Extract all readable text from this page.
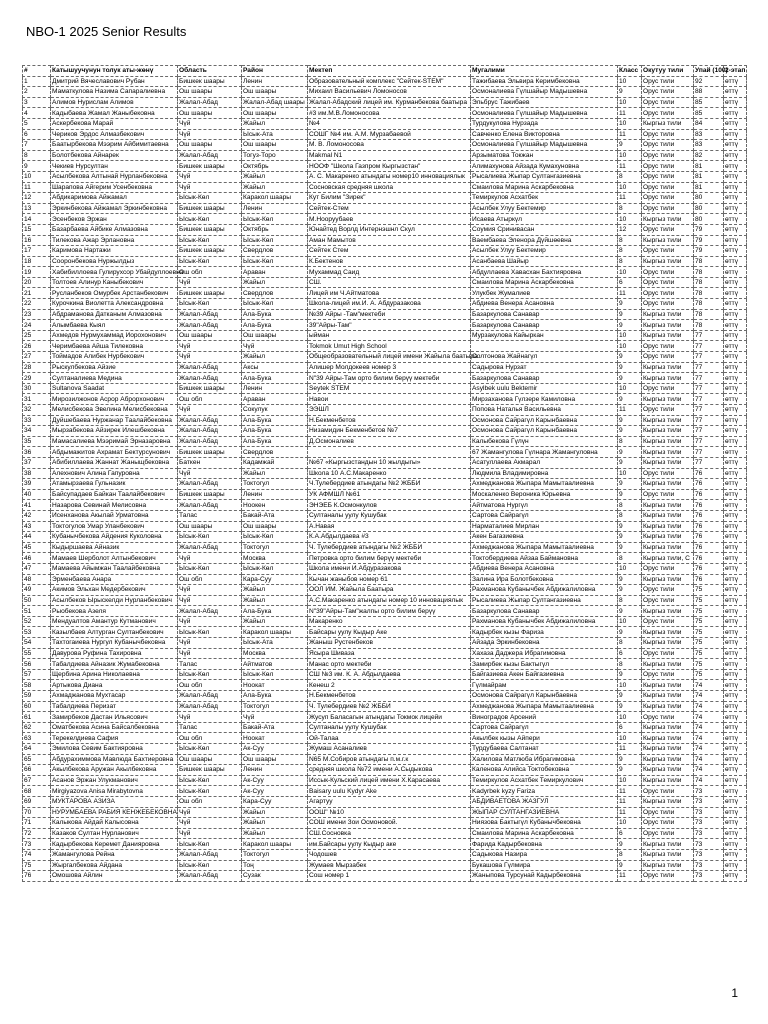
NBO-1 2025 Senior Results
#	Катышуучунун толук аты-жөнү	Область	Район	Мектеп	Мугалими	Класс	Окутуу тили	Упай (100)	2-этап
1	Дмитрий Вячеславович Рубан	Бишкек шаары	Ленин	Образовательный комплекс "Сейтек-STEM"	Тажибаева Эльвира Керимбековна	10	Орус тили	92	өттү
2	Маматкулова Назима Сапаралиевна	Ош шаары	Ош шаары	Михаил Васильевич Ломоносов	Осмоналиева Гүлшайыр Мадышевна	9	Орус тили	88	өттү
3	Алимов Нурислам Алимов	Жалал-Абад	Жалал-Абад шаары	Жалал-Абадский лицей им. Курманбекова баатыра	Эльбрус Тажибаев	10	Орус тили	85	өттү
4	Кадыбаева Жамал Жаныбековна	Ош шаары	Ош шаары	#3 им.М.В.Ломоносова	Осмоналиева Гүлшайыр Мадышевна	11	Орус тили	85	өттү
5	Аскербекова Марай	Чүй	Жайыл	№4	Турдукулова Нурзада	10	Кыргыз тили	84	өттү
6	Чериков Эрдос Алмазбекович	Чүй	Ысык-Ата	СОШГ №4 им. А.М. Мурзабаевой	Савченко Елена Викторовна	11	Орус тили	83	өттү
7	Баатырбекова Мээрим Айбимитаевна	Ош шаары	Ош шаары	М. В. Ломоносова	Осмоналиева Гүлшайыр Мадышевна	9	Орус тили	83	өттү
8	Болотбекова Айнарек	Жалал-Абад	Тогуз-Торо	Makmal N1	Арзыматова Токжан	10	Орус тили	82	өттү
9	Чекиев Нурсултан	Бишкек шаары	Октябрь	НООФ "Школа Газпром Кыргызстан"	Алимахунова Айзада Кумахуновна	11	Орус тили	81	өттү
10	Асылбекова Алтынай Нурланбековна	Чүй	Жайыл	А. С. Макаренко атындагы номер10 инновациялык	Рысалиева Жыпар Султангазиевна	8	Орус тили	81	өттү
11	Шарапова Айгерим Усенбековна	Чүй	Жайыл	Сосновская средняя школа	Смаилова Марина Аскарбековна	10	Орус тили	81	өттү
12	Абдикаримова Айжамал	Ысык-Көл	Каракол шаары	Кут Билим "Зирек"	Темиркулов Асхатбек	11	Орус тили	80	өттү
13	Эркинбекова Айжамал Эркинбековна	Бишкек шаары	Ленин	Сейтек-Стем	Асылбек Улуу Бектемир	8	Орус тили	80	өттү
14	Эсенбеков Эржан	Ысык-Көл	Ысык-Көл	М.Нооруубаев	Исаева Атыркүл	10	Кыргыз тили	80	өттү
15	Базарбаева Айбике Алмазовна	Бишкек шаары	Октябрь	Юнайтед Ворлд Интернэшнл Скул	Соумия Сринивасан	12	Орус тили	79	өттү
16	Тилекова Ажар Эрлановна	Ысык-Көл	Ысык-Көл	Аман Мамытов	Ваембаева Эленора Дүйшөевна	8	Кыргыз тили	79	өттү
17	Каримова Нартажи	Бишкек шаары	Свердлов	Сейтек Стем	Асылбек Улуу Бектемир	8	Орус тили	79	өттү
18	Сооронбекова Нуржылдыз	Ысык-Көл	Ысык-Көл	К.Бектенов	Асанбаева Шайыр	8	Кыргыз тили	78	өттү
19	Хабибиллоева Гулирухсор Убайдуллоевна	Ош обл	Араван	Мухаммад Саид	Абдуллаева Хавасхан Бахтияровна	10	Орус тили	78	өттү
20	Толтоев Алинур Каныбекович	Чүй	Жайыл	СШ.	Смаилова Марина Аскарбековна	6	Орус тили	78	өттү
21	Русланбеков Омурбек Арстанбекович	Бишкек шаары	Свердлов	Лицей им Ч.Айтматова	Улукбек Жумалиев	11	Орус тили	78	өттү
22	Курочкина Виолетта Александровна	Ысык-Көл	Ысык-Көл	Школа-лицей им.И. А. Абдуразакова	Абдиева Венера Асановна	9	Орус тили	78	өттү
23	Абдраманова Датканым Алмазовна	Жалал-Абад	Ала-Бука	№39 Айры -Там"мектеби	Базаркулова Санавар	9	Кыргыз тили	78	өттү
24	Алымбаева Кыял	Жалал-Абад	Ала-Бука	39"Айры-Там"	Базаркулова Санавар	9	Кыргыз тили	78	өттү
25	Ахмедов Нурмухаммад Иорохонович	Ош шаары	Ош шаары	ыйман	Мурзакулова Кайыркан	10	Кыргыз тили	77	өттү
26	Черимбаева Айша Тилековна	Чүй	Чүй	Tokmok Umut High School		10	Орус тили	77	өттү
27	Тоймадов Алибек Нурбекович	Чүй	Жайыл	Общеобразовательный лицей имени Жайыла баатыра	Солтонова Жайнагүл	9	Орус тили	77	өттү
28	Рыскулбекова Айзие	Жалал-Абад	Аксы	Алишер Молдокеев номер 3	Садырова Нурзат	9	Кыргыз тили	77	өттү
29	Султаналиева Медина	Жалал-Абад	Ала-Бука	N"39 Айры-Там орто билим берүү мектеби	Базаркулова Санавар	9	Кыргыз тили	77	өттү
30	Sultanova Saadat	Бишкек шаары	Ленин	Seytek STEM	Asylbek uulu Bektemir	10	Орус тили	77	өттү
31	Мирозилжонов Асрор Аброрхонович	Ош обл	Араван	Навои	Мирзаханова Гүлзере Камиловна	9	Кыргыз тили	77	өттү
32	Мелисбекова Эвелина Мелисбековна	Чүй	Сокулук	ЭЭШЛ	Попова Наталья Васильевна	11	Орус тили	77	өттү
33	Дуйшебаева Нуржанар Таалайбековна	Жалал-Абад	Ала-Бука	Н.Бекменбетов	Осмонова Сайрагүл Карынбаевна	9	Кыргыз тили	77	өттү
34	Мырзабекова Айзирек Илешбековна	Жалал-Абад	Ала-Бука	Низамидин Бекменбетов №7	Осмонова Сайрагүл Карынбаевна	9	Кыргыз тили	77	өттү
35	Мамасалиева Мээримай Эрназаровна	Жалал-Абад	Ала-Бука	Д.Осмоналиев	Калыбекова Гүлүн	8	Кыргыз тили	77	өттү
36	Абдымажитов Ахрамат Бектурсунович	Бишкек шаары	Свердлов		67 Жамангулова Гүлнара Жамангуловна	9	Кыргыз тили	77	өттү
37	Абибиллаева Жаннат Жаныщбековна	Баткен	Кадамжай	№67 «Кыргызстандын 10 жылдыгы»	Асатуллаева Акмарал	9	Кыргыз тили	77	өттү
38	Алехнович Алина Гапуровна	Чүй	Жайыл	Школа 10 А.С.Макаренко	Людмила Владимировна	10	Орус тили	76	өттү
39	Атамырзаева Гульназик	Жалал-Абад	Токтогул	Ч.Тулебердиев атындагы №2 ЖББИ	Ахмеджанова Жыпара Мамытаалиевна	9	Кыргыз тили	76	өттү
40	Байсупадаев Байкан Таалайбекович	Бишкек шаары	Ленин	УК АФМШЛ №61	Москаленко Вероника Юрьевна	9	Орус тили	76	өттү
41	Назарова Севинай Мелисовна	Жалал-Абад	Ноокен	ЭНЭЕБ К.Осмонкулов	Айтматова Нургүл	8	Кыргыз тили	76	өттү
42	Исенханова Акылай Урматовна	Талас	Бакай-Ата	Султаналы уулу Кушубак	Сартова Сайрагүл	8	Кыргыз тили	76	өттү
43	Токтогулов Умар Уланбекович	Ош шаары	Ош шаары	А.Навая	Нарматалиев Мирлан	9	Кыргыз тили	76	өттү
44	Кубанычбекова Айдения Куколовна	Ысык-Көл	Ысык-Көл	К.А.Абдылдаева #3	Акен Багазиевна	9	Кыргыз тили	76	өттү
45	Кыдыршаева Айназик	Жалал-Абад	Токтогул	Ч. Тулебердиев атындагы №2 ЖББИ	Ахмеджанова Жыпара Мамытаалиевна	9	Кыргыз тили	76	өттү
46	Мамаев Шерболот Алтынбекович	Чүй	Москва	Петровка орто билим берүү мектеби	Токтобердиева Айзаа Баймановна	8	Кыргыз тили, С	76	өттү
47	Мамаева Айымжан Таалайбековна	Ысык-Көл	Ысык-Көл	Школа имени И.Абдуразакова	Абдиева Венера Асановна	10	Орус тили	76	өттү
48	Эрменбаева Анара	Ош обл	Кара-Суу	Кычан жаныбов номер 61	Залина Ира Болотбековна	9	Кыргыз тили	76	өттү
49	Акимов Эльхан Медербекович	Чүй	Жайыл	ООЛ ИМ. Жайыла Баатыра	Рахманова Кубанычбек Абдижалиловна	9	Орус тили	75	өттү
50	Асылбеков Ырыскелди Нурланбекович	Чүй	Жайыл	А.С.Макаренко атындагы номер 10 инновациялык	Рысалиева Жыпар Султангазиевна	8	Орус тили	75	өттү
51	Рыобекова Азеля	Жалал-Абад	Ала-Бука	N"39"Айры-Там"жалпы орто билим берүү	Базаркулова Санавар	9	Кыргыз тили	75	өттү
52	Мендуалтов Амантур Кутманович	Чүй	Жайыл	Макаренко	Рахманова Кубанычбек Абдижалиловна	10	Орус тили	75	өттү
53	Казылбаев Алтурган Султанбекович	Ысык-Көл	Каракол шаары	Байсары уулу Кыдыр Аке	Кадырбек кызы Фариза	9	Кыргыз тили	75	өттү
54	Тахтогаиева Нургул Кубанычбековна	Чүй	Ысык-Ата	Жаныш Рустенбеков	Айзада Эркинбековна	8	Кыргыз тили	75	өттү
55	Давурова Руфина Тахировна	Чүй	Москва	Ясыра Шиваза	Хахаза Даджера Ибрагимовна	6	Орус тили	75	өттү
56	Табалдиева Айназик Жумабековна	Талас	Айтматов	Манас орто мектеби	Замирбек кызы Бактыгүл	8	Кыргыз тили	75	өттү
57	Щербина Арина Николаевна	Ысык-Көл	Ысык-Көл	СШ №3 им. К. А. Абдылдаева	Байгазиева Акен Байгазиевна	9	Орус тили	75	өттү
58	Артыкова Диана	Ош обл	Ноокат	Кенеш 2	Гүлмайрам	10	Кыргыз тили	74	өттү
59	Ахмаджанова Мухтасар	Жалал-Абад	Ала-Бука	Н.Бекменбетов	Осмонова Сайрагүл Карынбаевна	9	Кыргыз тили	74	өттү
60	Табалдиева Перизат	Жалал-Абад	Токтогул	Ч. Тулебердиев №2 ЖББИ	Ахмеджанова Жыпара Мамытаалиевна	9	Кыргыз тили	74	өттү
61	Замирбеков Дастан Ильясович	Чүй	Чүй	Жусуп Баласагын атындагы Токмок лицейи	Виноградов Арсений	10	Орус тили	74	өттү
62	Оматбекова Асина Байсалбековна	Талас	Бакай-Ата	Султаналы уулу Кушубак	Сартова Сайрагүл	6	Кыргыз тили	74	өттү
63	Терекелдиева Сафия	Ош обл	Ноокат	Ой-Талаа	Акылбек кызы Айпери	10	Кыргыз тили	74	өттү
64	Эмилова Севим Бактияровна	Ысык-Көл	Ак-Суу	Жумаш Асаналиев	Турдубаева Салтанат	11	Кыргыз тили	74	өттү
65	Абдурахиммова Мавлюда Бахтиеровна	Ош шаары	Ош шаары	N65 М.Собиров атындагы п.м.г.к	Халилова Матлюба Ибрагимовна	9	Кыргыз тили	74	өттү
66	Акылбекова Аружан Акылбековна	Бишкек шаары	Ленин	средняя школа №72 имени А.Сыдыкова	Каленова Алийса Токтобековна	9	Кыргыз тили	74	өттү
67	Асанов Эржан Улукманович	Ысык-Көл	Ак-Суу	Иссык-Кульский лицей имени Х.Карасаева	Темиркулов Асхатбек Темиркулович	10	Кыргыз тили	74	өттү
68	Mirgiyazova Anisa Mirabytovna	Ысык-Көл	Ак-Суу	Baisary uulu Kydyr Ake	Kadyrbek kyzy Fariza	11	Орус тили	73	өттү
69	МУКТАРОВА АЗИЗА	Ош обл	Кара-Суу	Агартуу	АБДИВАЕТОВА ЖАЗГУЛ	11	Кыргыз тили	73	өттү
70	НУРУМБАЕВА РАБИЯ КЕНЖЕБЕКОВНА	Чүй	Жайыл	ООШ" №10	ЖЫПАР СУЛТАНГАЗИЕВНА	11	Орус тили	73	өттү
71	Калыкова Айдай Калысовна	Чүй	Жайыл	СОШ имени Зои Осмоновой.	Ниязова Бактыгүл Кубанычбековна	10	Орус тили	73	өттү
72	Казаков Султан Нурланович	Чүй	Жайыл	СШ.Сосновка	Смаилова Марина Аскарбековна	6	Орус тили	73	өттү
73	Кадырбекова Керемет Данияровна	Ысык-Көл	Каракол шаары	им.Байсары уулу Кыдыр аке	Фарида Кадырбековна	9	Кыргыз тили	73	өттү
74	Жамангулова Рейна	Жалал-Абад	Токтогул	Чодошев	Садыкова Назира	8	Кыргыз тили	73	өттү
75	Жыргалбекова Айдана	Ысык-Көл	Тоң	Жумаев Мырзабек	Букашова Гүлмира	9	Кыргыз тили	73	өттү
76	Омошова Айлин	Жалал-Абад	Сузак	Сош номер 1	Жаныпова Турсунай Кадырбековна	11	Орус тили	73	өттү
1
